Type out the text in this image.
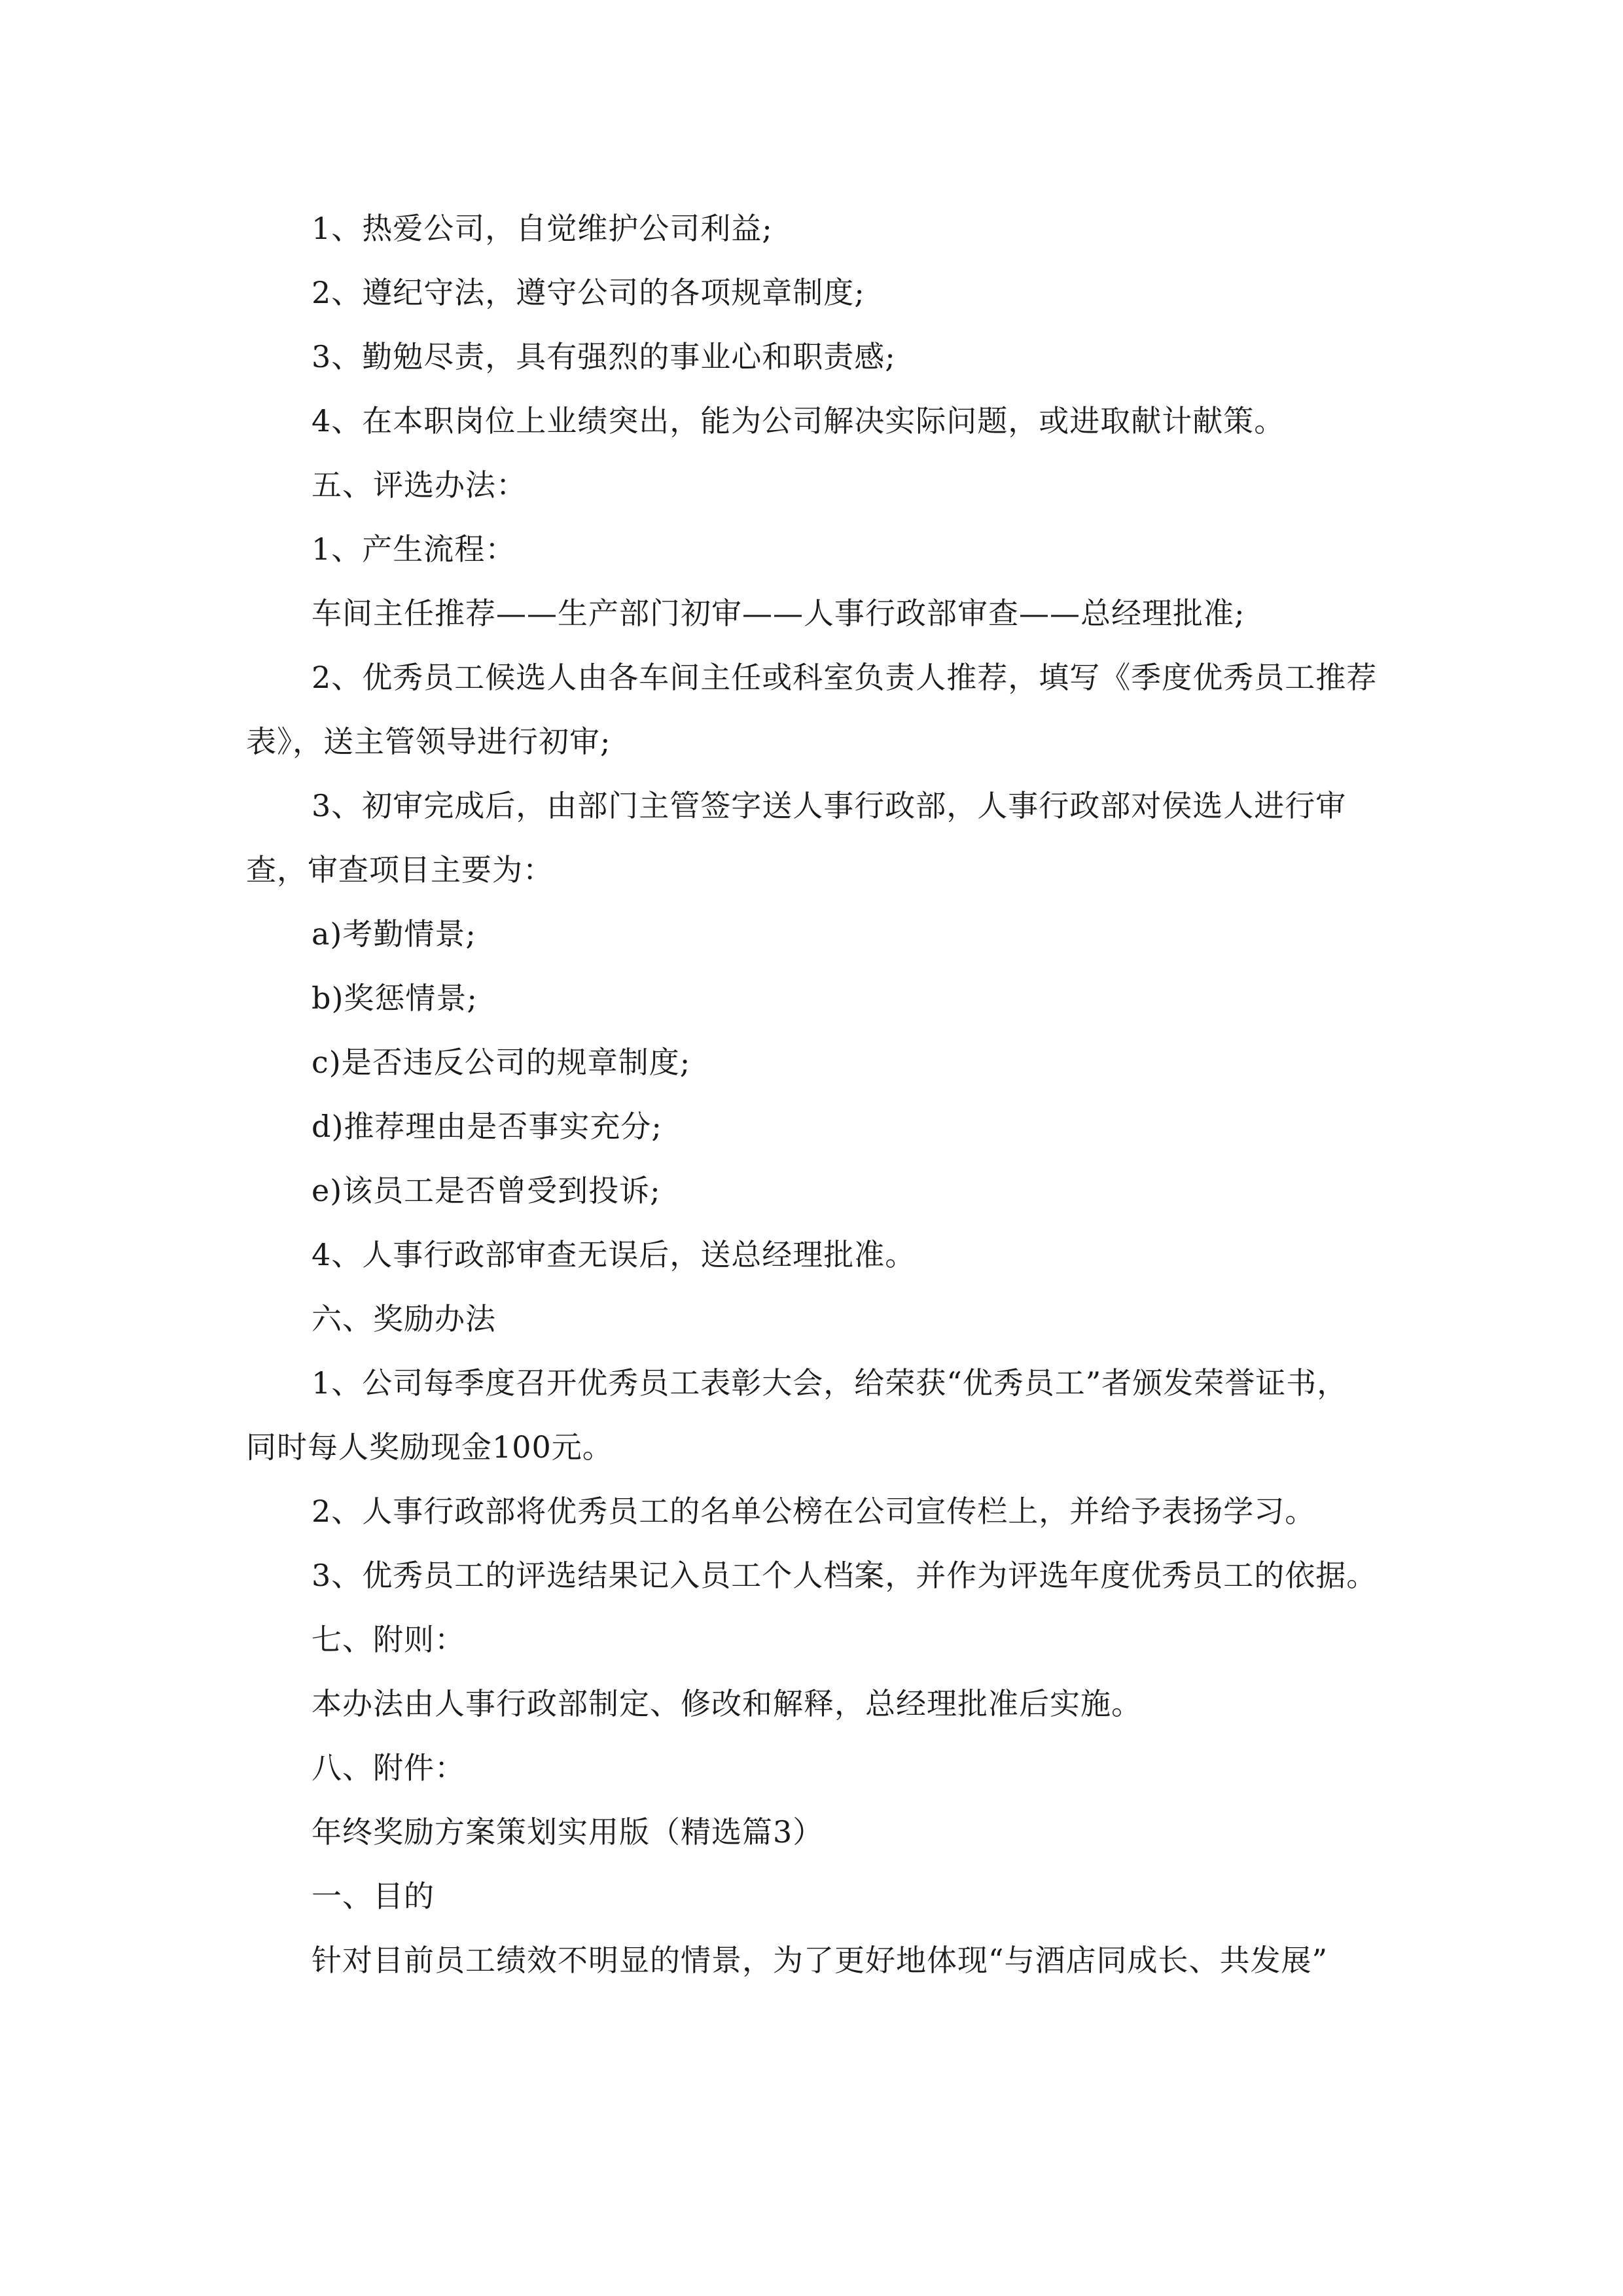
1、热爱公司，自觉维护公司利益;

2、遵纪守法，遵守公司的各项规章制度;

3、勤勉尽责，具有强烈的事业心和职责感;

4、在本职岗位上业绩突出，能为公司解决实际问题，或进取献计献策。

五、评选办法：

1、产生流程：

车间主任推荐——生产部门初审——人事行政部审查——总经理批准;

2、优秀员工候选人由各车间主任或科室负责人推荐，填写《季度优秀员工推荐表》，送主管领导进行初审;

3、初审完成后，由部门主管签字送人事行政部，人事行政部对侯选人进行审查，审查项目主要为：

a)考勤情景;

b)奖惩情景;

c)是否违反公司的规章制度;

d)推荐理由是否事实充分;

e)该员工是否曾受到投诉;

4、人事行政部审查无误后，送总经理批准。

六、奖励办法

1、公司每季度召开优秀员工表彰大会，给荣获“优秀员工”者颁发荣誉证书，同时每人奖励现金100元。

2、人事行政部将优秀员工的名单公榜在公司宣传栏上，并给予表扬学习。

3、优秀员工的评选结果记入员工个人档案，并作为评选年度优秀员工的依据。

七、附则：

本办法由人事行政部制定、修改和解释，总经理批准后实施。

八、附件：

年终奖励方案策划实用版（精选篇3）

一、目的

针对目前员工绩效不明显的情景，为了更好地体现“与酒店同成长、共发展”
